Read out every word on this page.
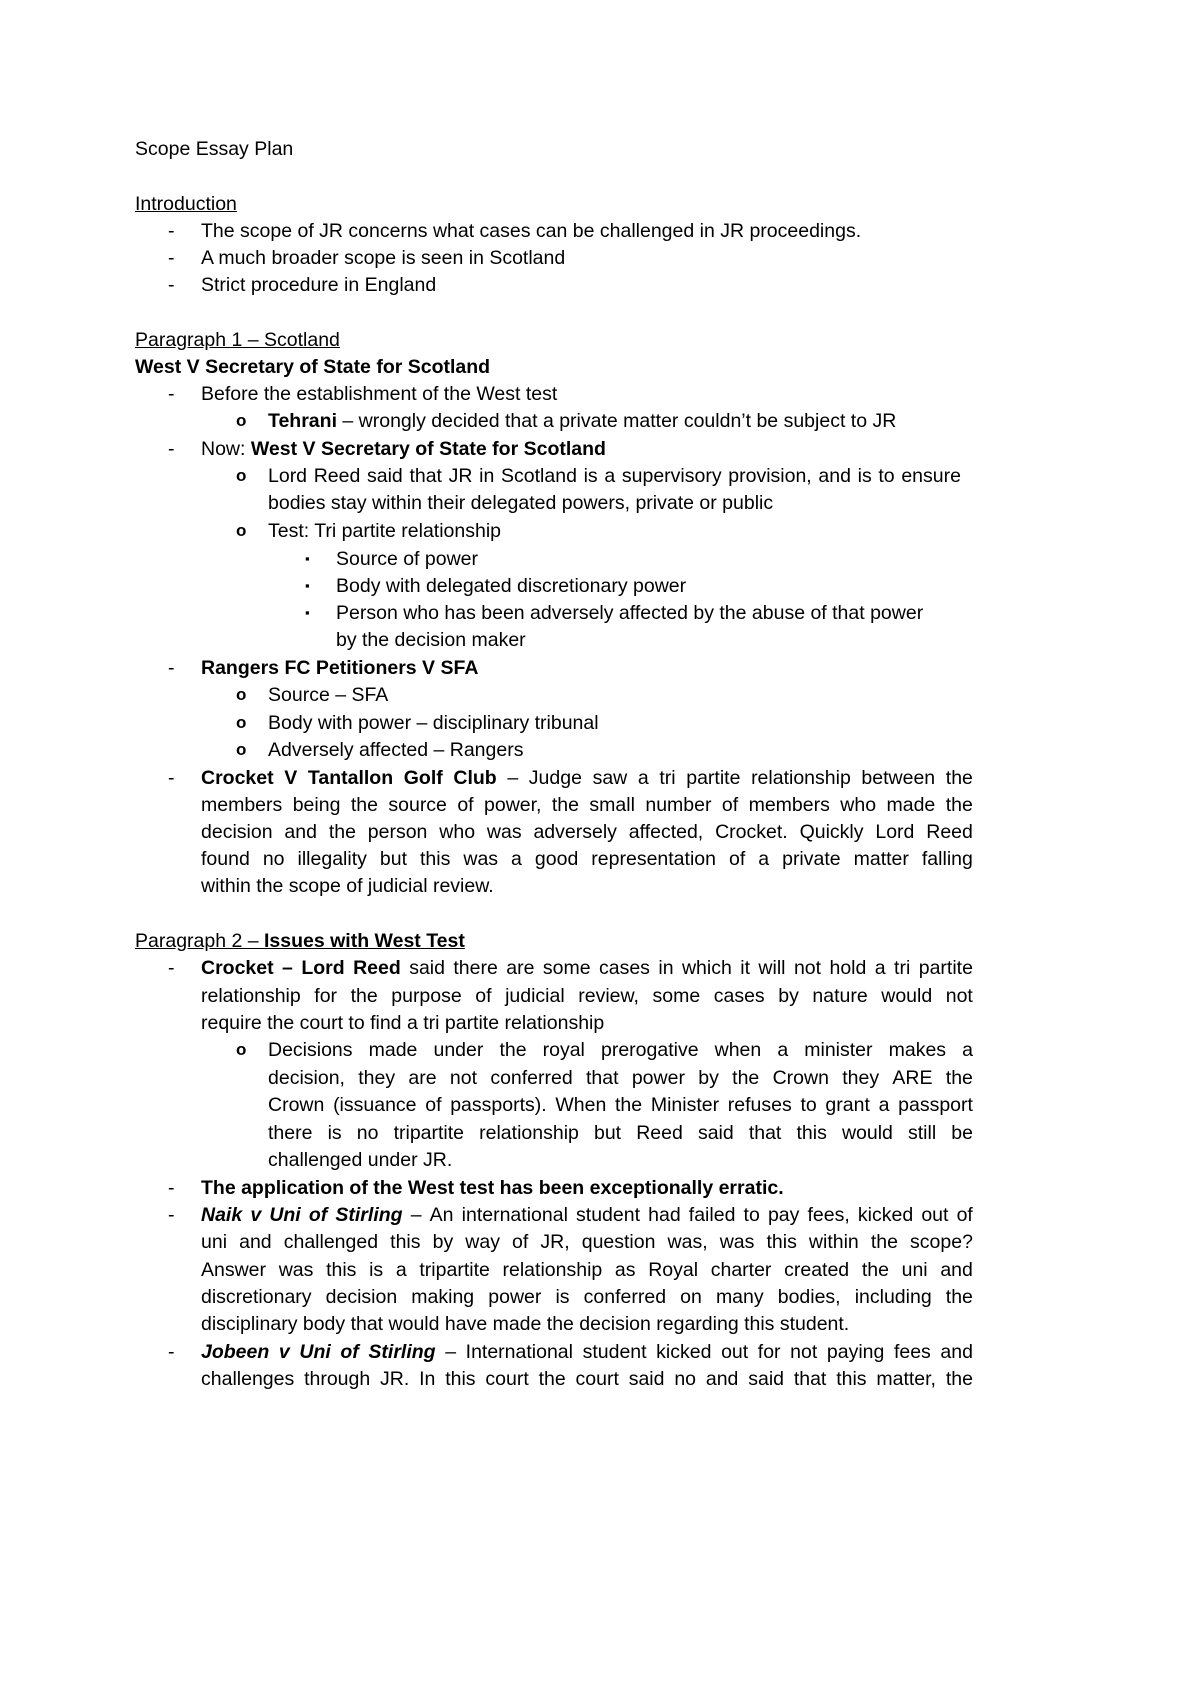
Scope Essay Plan
Introduction
- The scope of JR concerns what cases can be challenged in JR proceedings.
- A much broader scope is seen in Scotland
- Strict procedure in England
Paragraph 1 – Scotland
West V Secretary of State for Scotland
- Before the establishment of the West test
o Tehrani – wrongly decided that a private matter couldn’t be subject to JR
- Now: West V Secretary of State for Scotland
o Lord Reed said that JR in Scotland is a supervisory provision, and is to ensure
bodies stay within their delegated powers, private or public
o Test: Tri partite relationship
▪ Source of power
▪ Body with delegated discretionary power
▪ Person who has been adversely affected by the abuse of that power
by the decision maker
- Rangers FC Petitioners V SFA
o Source – SFA
o Body with power – disciplinary tribunal
o Adversely affected – Rangers
- Crocket V Tantallon Golf Club – Judge saw a tri partite relationship between the
members being the source of power, the small number of members who made the
decision and the person who was adversely affected, Crocket. Quickly Lord Reed
found no illegality but this was a good representation of a private matter falling
within the scope of judicial review.
Paragraph 2 – Issues with West Test
- Crocket – Lord Reed said there are some cases in which it will not hold a tri partite
relationship for the purpose of judicial review, some cases by nature would not
require the court to find a tri partite relationship
o Decisions made under the royal prerogative when a minister makes a
decision, they are not conferred that power by the Crown they ARE the
Crown (issuance of passports). When the Minister refuses to grant a passport
there is no tripartite relationship but Reed said that this would still be
challenged under JR.
- The application of the West test has been exceptionally erratic.
- Naik v Uni of Stirling – An international student had failed to pay fees, kicked out of
uni and challenged this by way of JR, question was, was this within the scope?
Answer was this is a tripartite relationship as Royal charter created the uni and
discretionary decision making power is conferred on many bodies, including the
disciplinary body that would have made the decision regarding this student.
- Jobeen v Uni of Stirling – International student kicked out for not paying fees and
challenges through JR. In this court the court said no and said that this matter, the
